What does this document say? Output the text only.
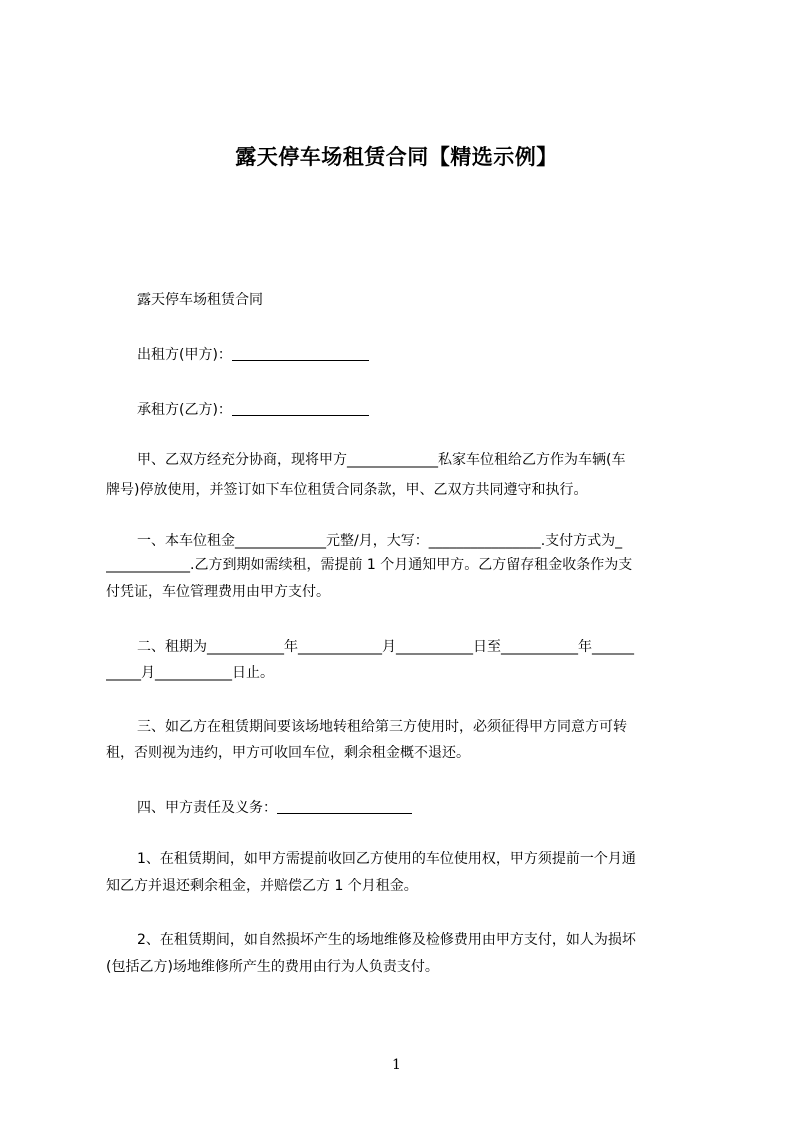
露天停车场租赁合同【精选示例】

露天停车场租赁合同

出租方(甲方)：

承租方(乙方)：

甲、乙双方经充分协商，现将甲方_____________私家车位租给乙方作为车辆(车

牌号)停放使用，并签订如下车位租赁合同条款，甲、乙双方共同遵守和执行。

一、本车位租金_____________元整/月，大写：________________.支付方式为_

____________.乙方到期如需续租，需提前 1 个月通知甲方。乙方留存租金收条作为支

付凭证，车位管理费用由甲方支付。

二、租期为___________年____________月___________日至___________年______

_____月___________日止。

三、如乙方在租赁期间要该场地转租给第三方使用时，必须征得甲方同意方可转

租，否则视为违约，甲方可收回车位，剩余租金概不退还。

四、甲方责任及义务：

1、在租赁期间，如甲方需提前收回乙方使用的车位使用权，甲方须提前一个月通

知乙方并退还剩余租金，并赔偿乙方 1 个月租金。

2、在租赁期间，如自然损坏产生的场地维修及检修费用由甲方支付，如人为损坏

(包括乙方)场地维修所产生的费用由行为人负责支付。

1
